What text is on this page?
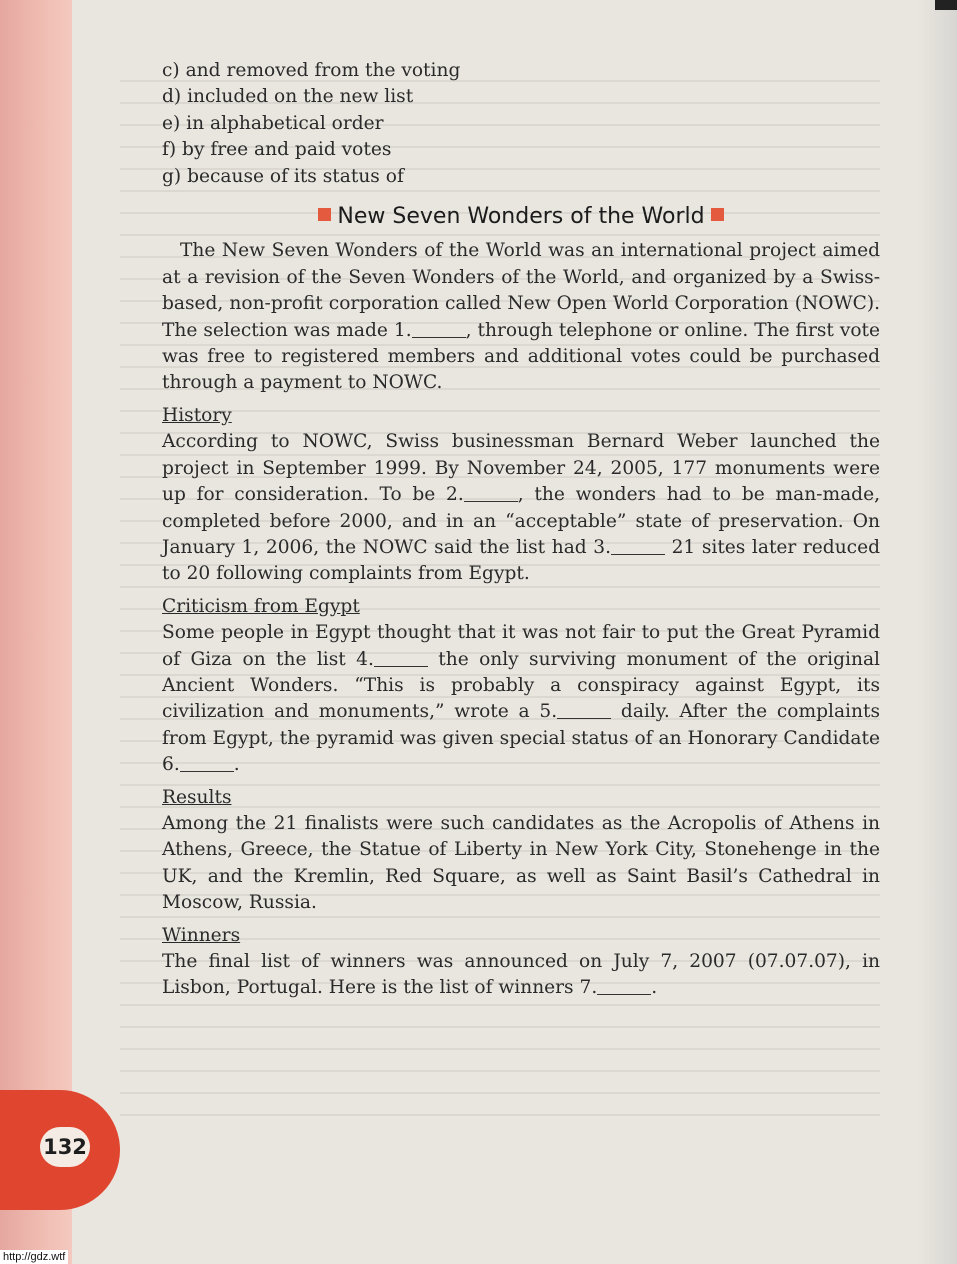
c) and removed from the voting
d) included on the new list
e) in alphabetical order
f) by free and paid votes
g) because of its status of
New Seven Wonders of the World

The New Seven Wonders of the World was an international project aimed at a revision of the Seven Wonders of the World, and organized by a Swiss-based, non-profit corporation called New Open World Corporation (NOWC). The selection was made 1.	, through telephone or online. The first vote was free to registered members and additional votes could be purchased through a payment to NOWC.

History

According to NOWC, Swiss businessman Bernard Weber launched the project in September 1999. By November 24, 2005, 177 monuments were up for consideration. To be 2.	, the wonders had to be man-made, completed before 2000, and in an “acceptable” state of preservation. On January 1, 2006, the NOWC said the list had 3.	21 sites later reduced to 20 following complaints from Egypt.

Criticism from Egypt

Some people in Egypt thought that it was not fair to put the Great Pyramid of Giza on the list 4.	the only surviving monument of the original Ancient Wonders. “This is probably a conspiracy against Egypt, its civilization and monuments,” wrote a 5.	daily. After the complaints from Egypt, the pyramid was given special status of an Honorary Candidate 6.	.

Results

Among the 21 finalists were such candidates as the Acropolis of Athens in Athens, Greece, the Statue of Liberty in New York City, Stonehenge in the UK, and the Kremlin, Red Square, as well as Saint Basil’s Cathedral in Moscow, Russia.

Winners

The final list of winners was announced on July 7, 2007 (07.07.07), in Lisbon, Portugal. Here is the list of winners 7.	.

132
http://gdz.wtf
